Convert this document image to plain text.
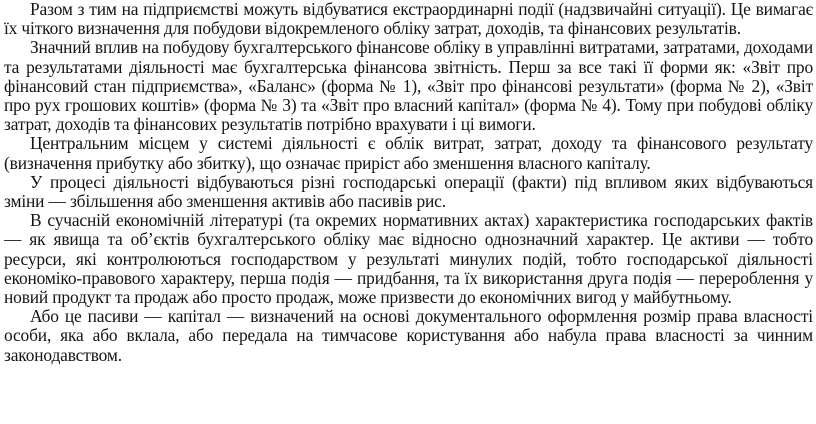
Разом з тим на підприємстві можуть відбуватися екстраординарні події (надзвичайні ситуації). Це вимагає їх чіткого визначення для побудови відокремленого обліку затрат, доходів, та фінансових результатів.

Значний вплив на побудову бухгалтерського фінансове обліку в управлінні витратами, затратами, доходами та результатами діяльності має бухгалтерська фінансова звітність. Перш за все такі її форми як: «Звіт про фінансовий стан підприємства», «Баланс» (форма № 1), «Звіт про фінансові результати» (форма № 2), «Звіт про рух грошових коштів» (форма № 3) та «Звіт про власний капітал» (форма № 4). Тому при побудові обліку затрат, доходів та фінансових результатів потрібно врахувати і ці вимоги.

Центральним місцем у системі діяльності є облік витрат, затрат, доходу та фінансового результату (визначення прибутку або збитку), що означає приріст або зменшення власного капіталу.

У процесі діяльності відбуваються різні господарські операції (факти) під впливом яких відбуваються зміни — збільшення або зменшення активів або пасивів рис.

В сучасній економічній літературі (та окремих нормативних актах) характеристика господарських фактів — як явища та об’єктів бухгалтерського обліку має відносно однозначний характер. Це активи — тобто ресурси, які контролюються господарством у результаті минулих подій, тобто господарської діяльності економіко-правового характеру, перша подія — придбання, та їх використання друга подія — перероблення у новий продукт та продаж або просто продаж, може призвести до економічних вигод у майбутньому.

Або це пасиви — капітал — визначений на основі документального оформлення розмір права власності особи, яка або вклала, або передала на тимчасове користування або набула права власності за чинним законодавством.
